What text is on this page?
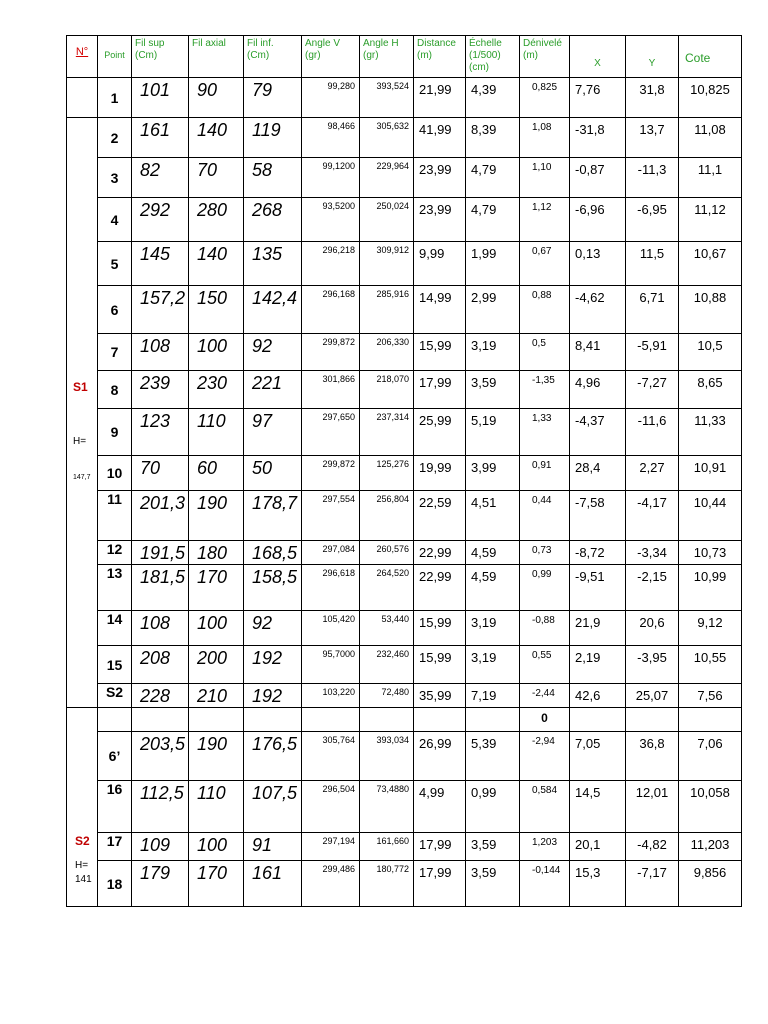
N°	Point	Fil sup (Cm)	Fil axial	Fil inf. (Cm)	Angle V (gr)	Angle H (gr)	Distance (m)	Échelle (1/500) (cm)	Dénivelé (m)	X	Y	Cote
	1	101	90	79	99,280	393,524	21,99	4,39	0,825	7,76	31,8	10,825

S1
H=
147,7	2	161	140	119	98,466	305,632	41,99	8,39	1,08	-31,8	13,7	11,08
	3	82	70	58	99,1200	229,964	23,99	4,79	1,10	-0,87	-11,3	11,1
	4	292	280	268	93,5200	250,024	23,99	4,79	1,12	-6,96	-6,95	11,12
	5	145	140	135	296,218	309,912	9,99	1,99	0,67	0,13	11,5	10,67
	6	157,2	150	142,4	296,168	285,916	14,99	2,99	0,88	-4,62	6,71	10,88
	7	108	100	92	299,872	206,330	15,99	3,19	0,5	8,41	-5,91	10,5
	8	239	230	221	301,866	218,070	17,99	3,59	-1,35	4,96	-7,27	8,65
	9	123	110	97	297,650	237,314	25,99	5,19	1,33	-4,37	-11,6	11,33
	10	70	60	50	299,872	125,276	19,99	3,99	0,91	28,4	2,27	10,91
	11	201,3	190	178,7	297,554	256,804	22,59	4,51	0,44	-7,58	-4,17	10,44
	12	191,5	180	168,5	297,084	260,576	22,99	4,59	0,73	-8,72	-3,34	10,73
	13	181,5	170	158,5	296,618	264,520	22,99	4,59	0,99	-9,51	-2,15	10,99
	14	108	100	92	105,420	53,440	15,99	3,19	-0,88	21,9	20,6	9,12
	15	208	200	192	95,7000	232,460	15,99	3,19	0,55	2,19	-3,95	10,55
	S2	228	210	192	103,220	72,480	35,99	7,19	-2,44	42,6	25,07	7,56
									0			

S2
H=
141	6’	203,5	190	176,5	305,764	393,034	26,99	5,39	-2,94	7,05	36,8	7,06
	16	112,5	110	107,5	296,504	73,4880	4,99	0,99	0,584	14,5	12,01	10,058
	17	109	100	91	297,194	161,660	17,99	3,59	1,203	20,1	-4,82	11,203
	18	179	170	161	299,486	180,772	17,99	3,59	-0,144	15,3	-7,17	9,856
